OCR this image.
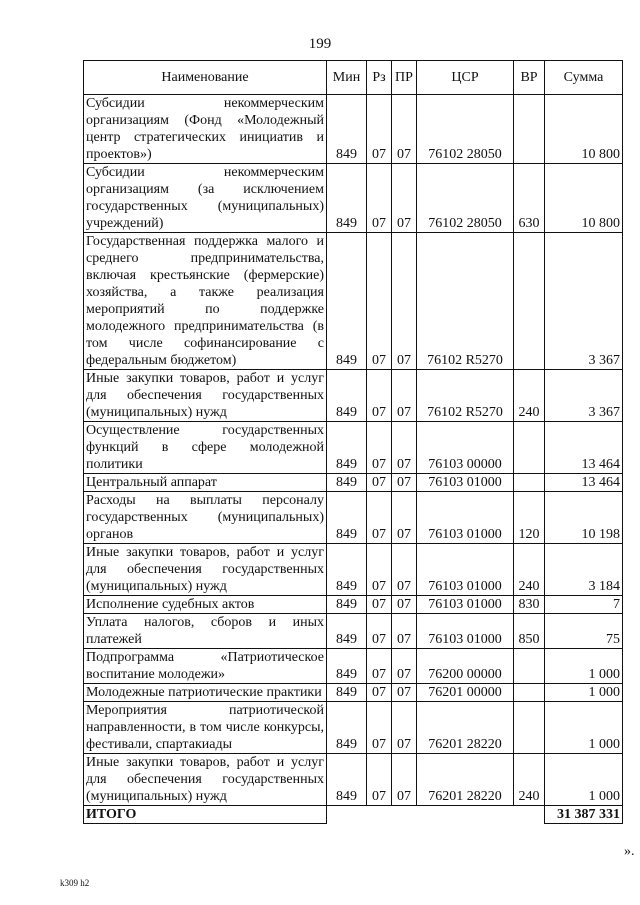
199
Наименование	Мин	Рз	ПР	ЦСР	ВР	Сумма
Субсидии некоммерческим организациям (Фонд «Молодежный центр стратегических инициатив и проектов»)	849	07	07	76102 28050		10 800
Субсидии некоммерческим организациям (за исключением государственных (муниципальных) учреждений)	849	07	07	76102 28050	630	10 800
Государственная поддержка малого и среднего предпринимательства, включая крестьянские (фермерские) хозяйства, а также реализация мероприятий по поддержке молодежного предпринимательства (в том числе софинансирование с федеральным бюджетом)	849	07	07	76102 R5270		3 367
Иные закупки товаров, работ и услуг для обеспечения государственных (муниципальных) нужд	849	07	07	76102 R5270	240	3 367
Осуществление государственных функций в сфере молодежной политики	849	07	07	76103 00000		13 464
Центральный аппарат	849	07	07	76103 01000		13 464
Расходы на выплаты персоналу государственных (муниципальных) органов	849	07	07	76103 01000	120	10 198
Иные закупки товаров, работ и услуг для обеспечения государственных (муниципальных) нужд	849	07	07	76103 01000	240	3 184
Исполнение судебных актов	849	07	07	76103 01000	830	7
Уплата налогов, сборов и иных платежей	849	07	07	76103 01000	850	75
Подпрограмма «Патриотическое воспитание молодежи»	849	07	07	76200 00000		1 000
Молодежные патриотические практики	849	07	07	76201 00000		1 000
Мероприятия патриотической направленности, в том числе конкурсы, фестивали, спартакиады	849	07	07	76201 28220		1 000
Иные закупки товаров, работ и услуг для обеспечения государственных (муниципальных) нужд	849	07	07	76201 28220	240	1 000
ИТОГО						31 387 331
».
k309 h2
